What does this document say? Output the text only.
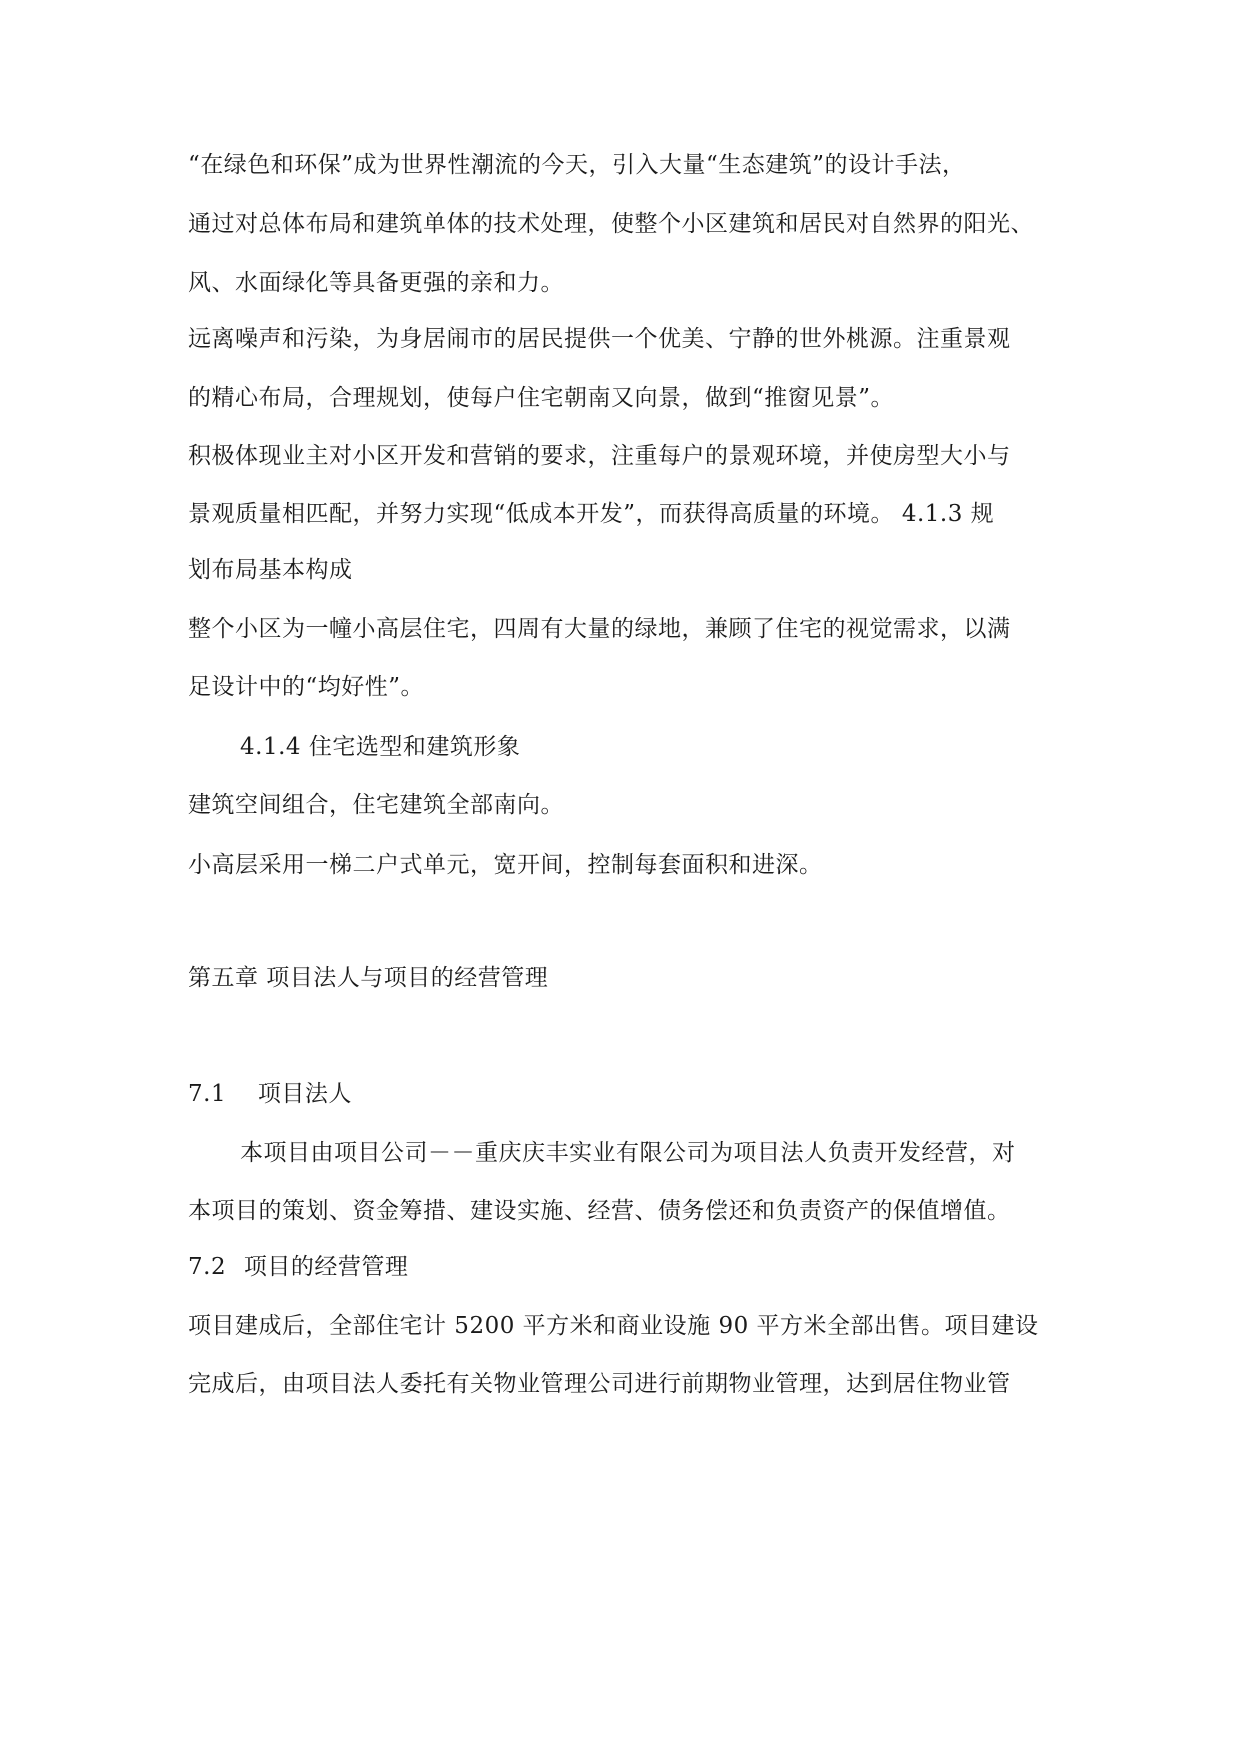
“在绿色和环保”成为世界性潮流的今天，引入大量“生态建筑”的设计手法，
通过对总体布局和建筑单体的技术处理，使整个小区建筑和居民对自然界的阳光、
风、水面绿化等具备更强的亲和力。
远离噪声和污染，为身居闹市的居民提供一个优美、宁静的世外桃源。注重景观
的精心布局，合理规划，使每户住宅朝南又向景，做到“推窗见景”。
积极体现业主对小区开发和营销的要求，注重每户的景观环境，并使房型大小与
景观质量相匹配，并努力实现“低成本开发”，而获得高质量的环境。 4.1.3 规
划布局基本构成
整个小区为一幢小高层住宅，四周有大量的绿地，兼顾了住宅的视觉需求，以满
足设计中的“均好性”。
4.1.4 住宅选型和建筑形象
建筑空间组合，住宅建筑全部南向。
小高层采用一梯二户式单元，宽开间，控制每套面积和进深。
第五章 项目法人与项目的经营管理
7.1 项目法人
本项目由项目公司－－重庆庆丰实业有限公司为项目法人负责开发经营，对
本项目的策划、资金筹措、建设实施、经营、债务偿还和负责资产的保值增值。
7.2 项目的经营管理
项目建成后，全部住宅计 5200 平方米和商业设施 90 平方米全部出售。项目建设
完成后，由项目法人委托有关物业管理公司进行前期物业管理，达到居住物业管
